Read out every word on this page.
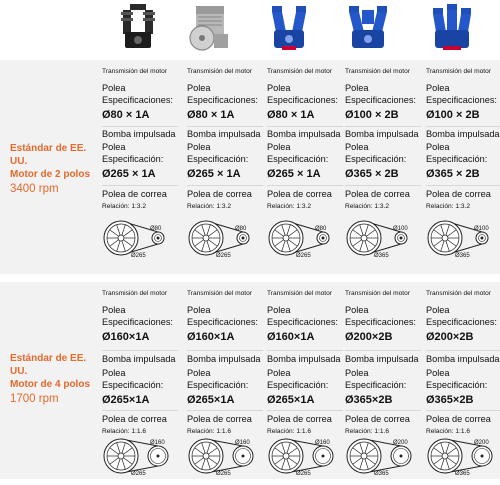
Estándar de EE. UU.
Motor de 2 polos
3400 rpm
Estándar de EE. UU.
Motor de 4 polos
1700 rpm
Transmisión del motor
Polea
Especificaciones:
Ø80 × 1A
Bomba impulsada
Polea
Especificación:
Ø265 × 1A
Polea de correa
Relación: 1:3.2
Ø80
Ø265
Transmisión del motor
Polea
Especificaciones:
Ø80 × 1A
Bomba impulsada
Polea
Especificación:
Ø265 × 1A
Polea de correa
Relación: 1:3.2
Ø80
Ø265
Transmisión del motor
Polea
Especificaciones:
Ø80 × 1A
Bomba impulsada
Polea
Especificación:
Ø265 × 1A
Polea de correa
Relación: 1:3.2
Ø80
Ø265
Transmisión del motor
Polea
Especificaciones:
Ø100 × 2B
Bomba impulsada
Polea
Especificación:
Ø365 × 2B
Polea de correa
Relación: 1:3.2
Ø100
Ø365
Transmisión del motor
Polea
Especificaciones:
Ø100 × 2B
Bomba impulsada
Polea
Especificación:
Ø365 × 2B
Polea de correa
Relación: 1:3.2
Ø100
Ø365
Transmisión del motor
Polea
Especificaciones:
Ø160×1A
Bomba impulsada
Polea
Especificación:
Ø265×1A
Polea de correa
Relación: 1:1.6
Ø160
Ø265
Transmisión del motor
Polea
Especificaciones:
Ø160×1A
Bomba impulsada
Polea
Especificación:
Ø265×1A
Polea de correa
Relación: 1:1.6
Ø160
Ø265
Transmisión del motor
Polea
Especificaciones:
Ø160×1A
Bomba impulsada
Polea
Especificación:
Ø265×1A
Polea de correa
Relación: 1:1.6
Ø160
Ø265
Transmisión del motor
Polea
Especificaciones:
Ø200×2B
Bomba impulsada
Polea
Especificación:
Ø365×2B
Polea de correa
Relación: 1:1.6
Ø200
Ø365
Transmisión del motor
Polea
Especificaciones:
Ø200×2B
Bomba impulsada
Polea
Especificación:
Ø365×2B
Polea de correa
Relación: 1:1.6
Ø200
Ø365
